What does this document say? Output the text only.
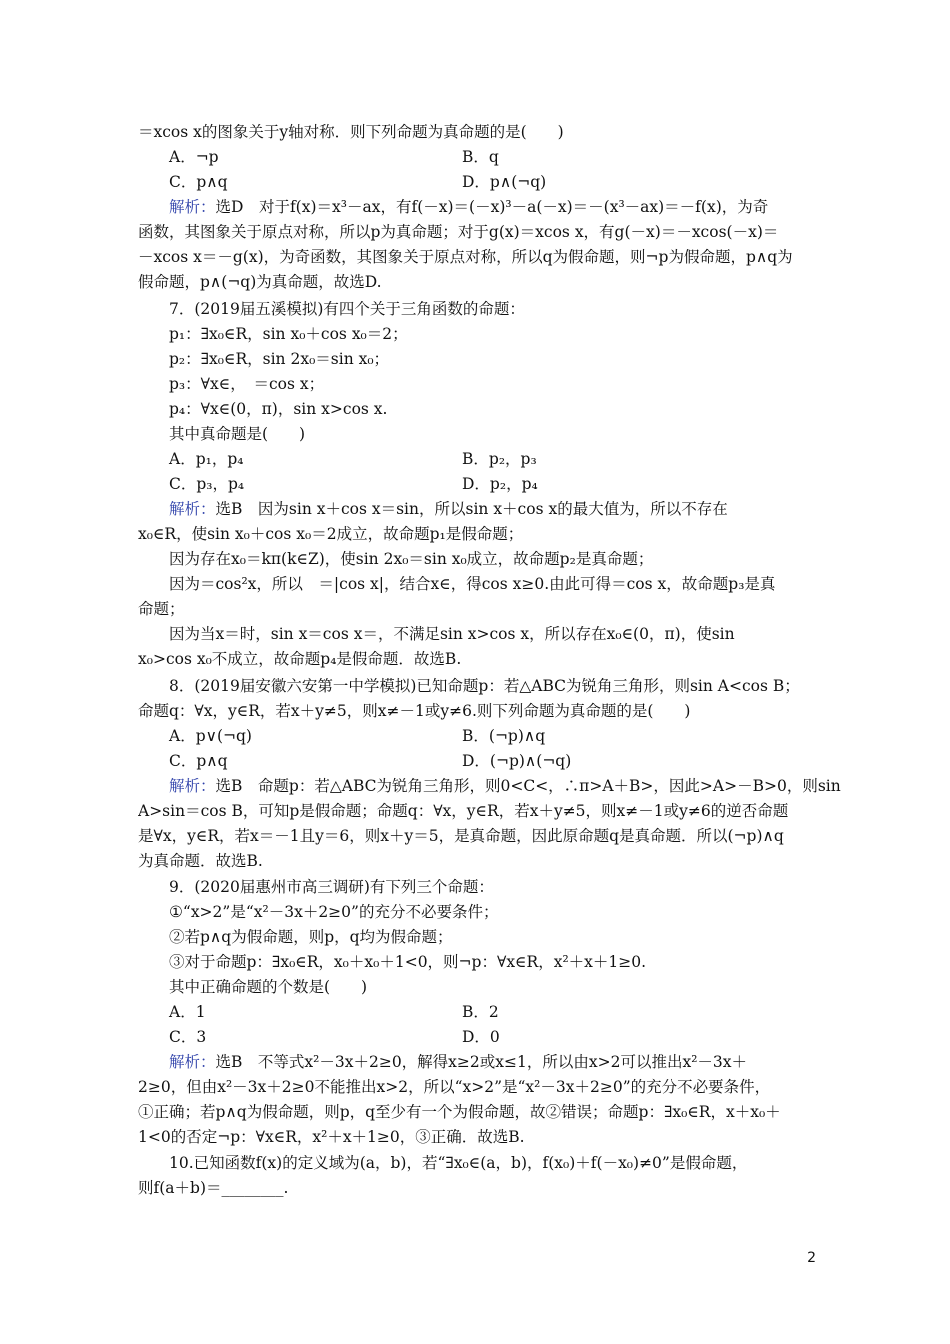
＝xcos x的图象关于y轴对称．则下列命题为真命题的是(　　)
A．¬p	B．q
C．p∧q	D．p∧(¬q)
解析：选D　对于f(x)＝x³－ax，有f(－x)＝(－x)³－a(－x)＝－(x³－ax)＝－f(x)，为奇
函数，其图象关于原点对称，所以p为真命题；对于g(x)＝xcos x，有g(－x)＝－xcos(－x)＝
－xcos x＝－g(x)，为奇函数，其图象关于原点对称，所以q为假命题，则¬p为假命题，p∧q为
假命题，p∧(¬q)为真命题，故选D.
7．(2019届五溪模拟)有四个关于三角函数的命题：
p₁：∃x₀∈R，sin x₀＋cos x₀＝2；
p₂：∃x₀∈R，sin 2x₀＝sin x₀；
p₃：∀x∈，　＝cos x；
p₄：∀x∈(0，π)，sin x>cos x.
其中真命题是(　　)
A．p₁，p₄	B．p₂，p₃
C．p₃，p₄	D．p₂，p₄
解析：选B　因为sin x＋cos x＝sin，所以sin x＋cos x的最大值为，所以不存在
x₀∈R，使sin x₀＋cos x₀＝2成立，故命题p₁是假命题；
因为存在x₀＝kπ(k∈Z)，使sin 2x₀＝sin x₀成立，故命题p₂是真命题；
因为＝cos²x，所以　＝|cos x|，结合x∈，得cos x≥0.由此可得＝cos x，故命题p₃是真
命题；
因为当x＝时，sin x＝cos x＝，不满足sin x>cos x，所以存在x₀∈(0，π)，使sin
x₀>cos x₀不成立，故命题p₄是假命题．故选B.
8．(2019届安徽六安第一中学模拟)已知命题p：若△ABC为锐角三角形，则sin A<cos B；
命题q：∀x，y∈R，若x＋y≠5，则x≠－1或y≠6.则下列命题为真命题的是(　　)
A．p∨(¬q)	B．(¬p)∧q
C．p∧q	D．(¬p)∧(¬q)
解析：选B　命题p：若△ABC为锐角三角形，则0<C<，∴π>A＋B>，因此>A>－B>0，则sin
A>sin＝cos B，可知p是假命题；命题q：∀x，y∈R，若x＋y≠5，则x≠－1或y≠6的逆否命题
是∀x，y∈R，若x＝－1且y＝6，则x＋y＝5，是真命题，因此原命题q是真命题．所以(¬p)∧q
为真命题．故选B.
9．(2020届惠州市高三调研)有下列三个命题：
①“x>2”是“x²－3x＋2≥0”的充分不必要条件；
②若p∧q为假命题，则p，q均为假命题；
③对于命题p：∃x₀∈R，x₀＋x₀＋1<0，则¬p：∀x∈R，x²＋x＋1≥0.
其中正确命题的个数是(　　)
A．1	B．2
C．3	D．0
解析：选B　不等式x²－3x＋2≥0，解得x≥2或x≤1，所以由x>2可以推出x²－3x＋
2≥0，但由x²－3x＋2≥0不能推出x>2，所以“x>2”是“x²－3x＋2≥0”的充分不必要条件，
①正确；若p∧q为假命题，则p，q至少有一个为假命题，故②错误；命题p：∃x₀∈R，x＋x₀＋
1<0的否定¬p：∀x∈R，x²＋x＋1≥0，③正确．故选B.
10.已知函数f(x)的定义域为(a，b)，若“∃x₀∈(a，b)，f(x₀)＋f(－x₀)≠0”是假命题，
则f(a＋b)＝________.
2
